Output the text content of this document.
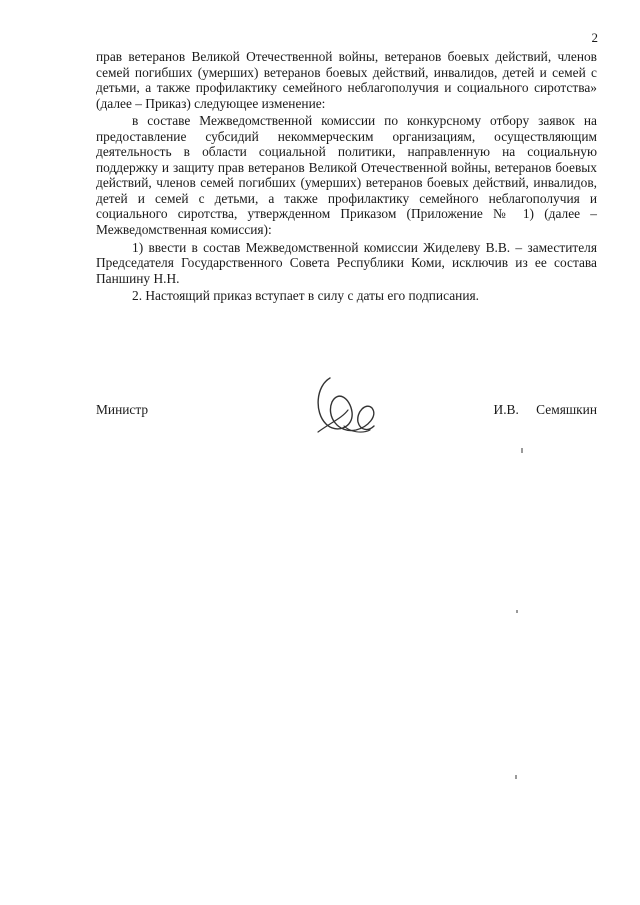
2

прав ветеранов Великой Отечественной войны, ветеранов боевых действий, членов семей погибших (умерших) ветеранов боевых действий, инвалидов, детей и семей с детьми, а также профилактику семейного неблагополучия и социального сиротства» (далее – Приказ) следующее изменение:

в составе Межведомственной комиссии по конкурсному отбору заявок на предоставление субсидий некоммерческим организациям, осуществляющим деятельность в области социальной политики, направленную на социальную поддержку и защиту прав ветеранов Великой Отечественной войны, ветеранов боевых действий, членов семей погибших (умерших) ветеранов боевых действий, инвалидов, детей и семей с детьми, а также профилактику семейного неблагополучия и социального сиротства, утвержденном Приказом (Приложение № 1) (далее – Межведомственная комиссия):

1) ввести в состав Межведомственной комиссии Жиделеву В.В. – заместителя Председателя Государственного Совета Республики Коми, исключив из ее состава Паншину Н.Н.

2. Настоящий приказ вступает в силу с даты его подписания.

Министр	И.В. Семяшкин
